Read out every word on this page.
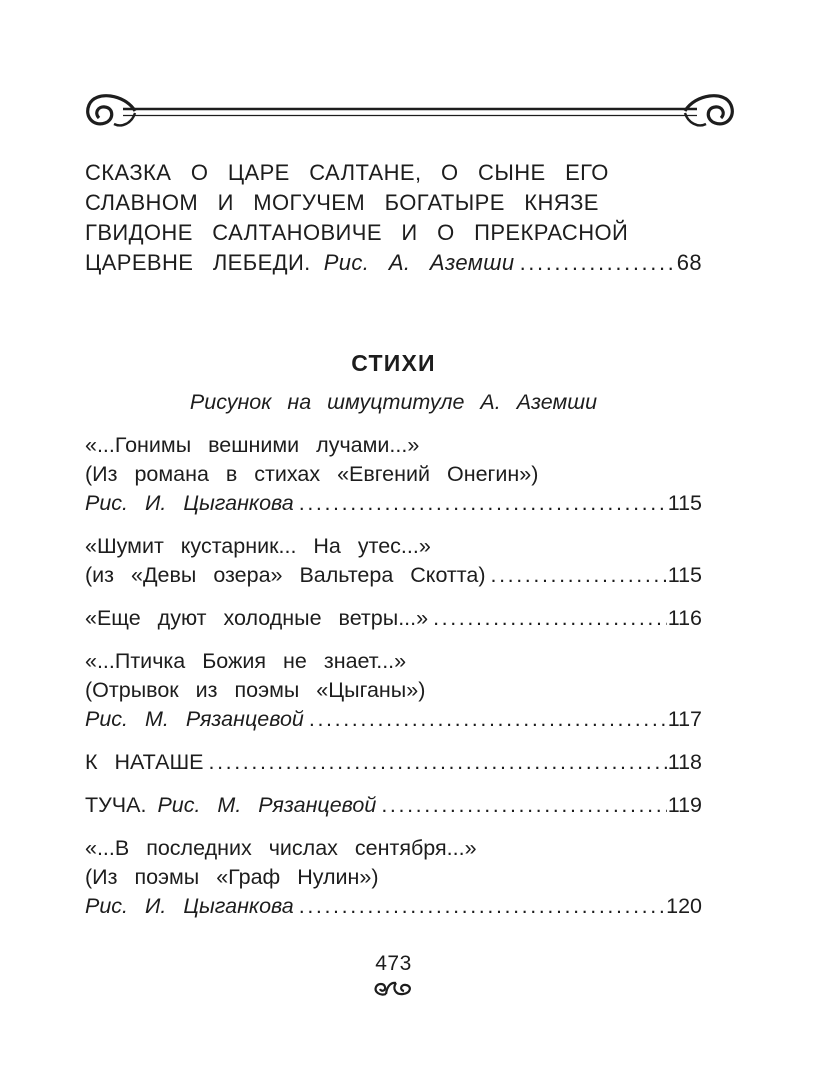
СКАЗКА О ЦАРЕ САЛТАНЕ, О СЫНЕ ЕГО
СЛАВНОМ И МОГУЧЕМ БОГАТЫРЕ КНЯЗЕ
ГВИДОНЕ САЛТАНОВИЧЕ И О ПРЕКРАСНОЙ
ЦАРЕВНЕ ЛЕБЕДИ. Рис. А. Аземши .....	68
СТИХИ
Рисунок на шмуцтитуле А. Аземши
«...Гонимы вешними лучами...»
(Из романа в стихах «Евгений Онегин»)
Рис. И. Цыганкова .....	115
«Шумит кустарник... На утес...»
(из «Девы озера» Вальтера Скотта) .....	115
«Еще дуют холодные ветры...» .....	116
«...Птичка Божия не знает...»
(Отрывок из поэмы «Цыганы»)
Рис. М. Рязанцевой .....	117
К НАТАШЕ .....	118
ТУЧА. Рис. М. Рязанцевой .....	119
«...В последних числах сентября...»
(Из поэмы «Граф Нулин»)
Рис. И. Цыганкова .....	120
473
